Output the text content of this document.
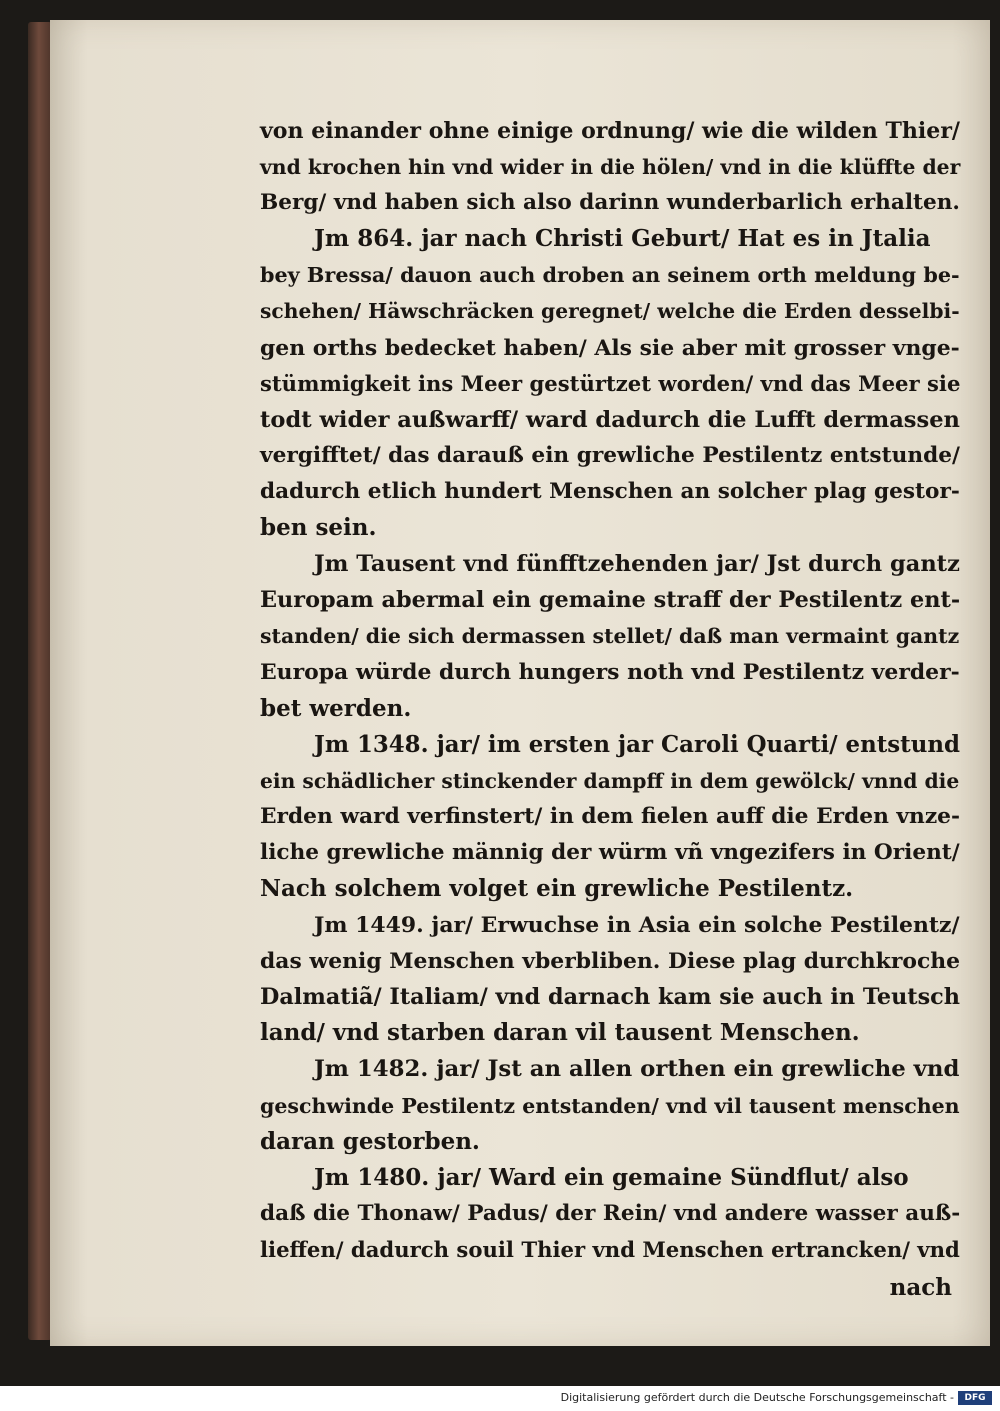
von einander ohne einige ordnung/ wie die wilden Thier/
vnd krochen hin vnd wider in die hölen/ vnd in die klüffte der
Berg/ vnd haben sich also darinn wunderbarlich erhalten.
Jm 864. jar nach Christi Geburt/ Hat es in Jtalia
bey Bressa/ dauon auch droben an seinem orth meldung be-
schehen/ Häwschräcken geregnet/ welche die Erden desselbi-
gen orths bedecket haben/ Als sie aber mit grosser vnge-
stümmigkeit ins Meer gestürtzet worden/ vnd das Meer sie
todt wider außwarff/ ward dadurch die Lufft dermassen
vergifftet/ das darauß ein grewliche Pestilentz entstunde/
dadurch etlich hundert Menschen an solcher plag gestor-
ben sein.
Jm Tausent vnd fünfftzehenden jar/ Jst durch gantz
Europam abermal ein gemaine straff der Pestilentz ent-
standen/ die sich dermassen stellet/ daß man vermaint gantz
Europa würde durch hungers noth vnd Pestilentz verder-
bet werden.
Jm 1348. jar/ im ersten jar Caroli Quarti/ entstund
ein schädlicher stinckender dampff in dem gewölck/ vnnd die
Erden ward verfinstert/ in dem fielen auff die Erden vnze-
liche grewliche männig der würm vñ vngezifers in Orient/
Nach solchem volget ein grewliche Pestilentz.
Jm 1449. jar/ Erwuchse in Asia ein solche Pestilentz/
das wenig Menschen vberbliben. Diese plag durchkroche
Dalmatiã/ Italiam/ vnd darnach kam sie auch in Teutsch
land/ vnd starben daran vil tausent Menschen.
Jm 1482. jar/ Jst an allen orthen ein grewliche vnd
geschwinde Pestilentz entstanden/ vnd vil tausent menschen
daran gestorben.
Jm 1480. jar/ Ward ein gemaine Sündflut/ also
daß die Thonaw/ Padus/ der Rein/ vnd andere wasser auß-
lieffen/ dadurch souil Thier vnd Menschen ertrancken/ vnd
nach
Digitalisierung gefördert durch die Deutsche Forschungsgemeinschaft -	DFG
